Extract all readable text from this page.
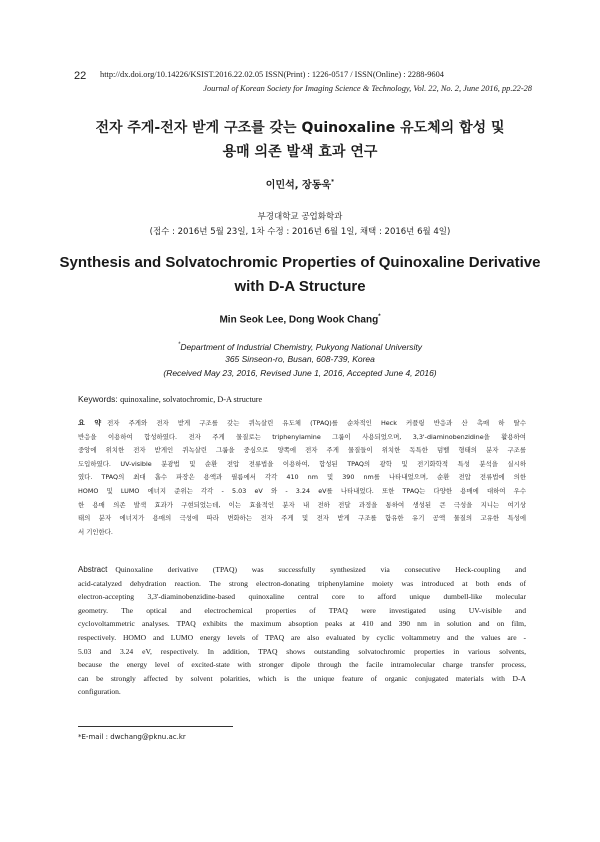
22 http://dx.doi.org/10.14226/KSIST.2016.22.02.05 ISSN(Print) : 1226-0517 / ISSN(Online) : 2288-9604
Journal of Korean Society for Imaging Science & Technology, Vol. 22, No. 2, June 2016, pp.22-28
전자 주게-전자 받게 구조를 갖는 Quinoxaline 유도체의 합성 및
용매 의존 발색 효과 연구
이민석, 장동욱*
부경대학교 공업화학과
(접수 : 2016년 5월 23일, 1차 수정 : 2016년 6월 1일, 채택 : 2016년 6월 4일)
Synthesis and Solvatochromic Properties of Quinoxaline Derivative
with D-A Structure
Min Seok Lee, Dong Wook Chang*
*Department of Industrial Chemistry, Pukyong National University
365 Sinseon-ro, Busan, 608-739, Korea
(Received May 23, 2016, Revised June 1, 2016, Accepted June 4, 2016)
Keywords: quinoxaline, solvatochromic, D-A structure
요 약 전자 주게와 전자 받게 구조를 갖는 퀴녹살린 유도체 (TPAQ)를 순차적인 Heck 커플링 반응과 산 촉매 하 탈수
반응을 이용하여 합성하였다. 전자 주게 물질로는 triphenylamine 그룹이 사용되었으며, 3,3'-diaminobenzidine을 활용하여
중앙에 위치한 전자 받게인 퀴녹살린 그룹을 중심으로 양쪽에 전자 주게 물질들이 위치한 독특한 덤벨 형태의 분자 구조를
도입하였다. UV-visible 분광법 및 순환 전압 전류법을 이용하여, 합성된 TPAQ의 광학 및 전기화학적 특성 분석을 실시하
였다. TPAQ의 최대 흡수 파장은 용액과 필름에서 각각 410 nm 및 390 nm를 나타내었으며, 순환 전압 전류법에 의한
HOMO 및 LUMO 에너지 준위는 각각 - 5.03 eV 와 - 3.24 eV를 나타내었다. 또한 TPAQ는 다양한 용매에 대하여 우수
한 용매 의존 발색 효과가 구현되었는데, 이는 효율적인 분자 내 전하 전달 과정을 통하여 생성된 큰 극성을 지니는 여기상
태의 분자 에너지가 용매의 극성에 따라 변화하는 전자 주게 및 전자 받게 구조를 함유한 유기 공액 물질의 고유한 특성에
서 기인한다.
Abstract Quinoxaline derivative (TPAQ) was successfully synthesized via consecutive Heck-coupling and
acid-catalyzed dehydration reaction. The strong electron-donating triphenylamine moiety was introduced at both ends of
electron-accepting 3,3'-diaminobenzidine-based quinoxaline central core to afford unique dumbell-like molecular
geometry. The optical and electrochemical properties of TPAQ were investigated using UV-visible and
cyclovoltammetric analyses. TPAQ exhibits the maximum absoption peaks at 410 and 390 nm in solution and on film,
respectively. HOMO and LUMO energy levels of TPAQ are also evaluated by cyclic voltammetry and the values are -
5.03 and 3.24 eV, respectively. In addition, TPAQ shows outstanding solvatochromic properties in various solvents,
because the energy level of excited-state with stronger dipole through the facile intramolecular charge transfer process,
can be strongly affected by solvent polarities, which is the unique feature of organic conjugated materials with D-A
configuration.
*E-mail : dwchang@pknu.ac.kr
